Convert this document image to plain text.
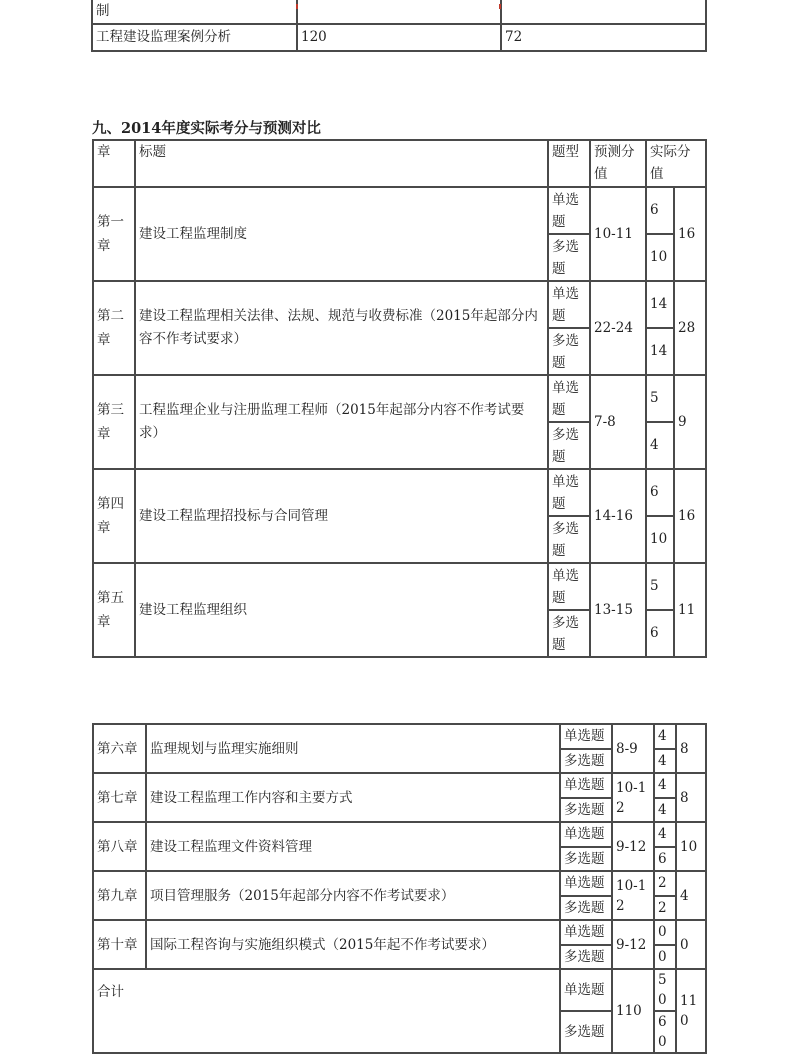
制		
工程建设监理案例分析	120	72
九、2014年度实际考分与预测对比
章	标题	题型	预测分值	实际分值	
第一章	建设工程监理制度	单选题	10-11	6	16
		多选题		10	
第二章	建设工程监理相关法律、法规、规范与收费标准（2015年起部分内容不作考试要求）	单选题	22-24	14	28
		多选题		14	
第三章	工程监理企业与注册监理工程师（2015年起部分内容不作考试要求）	单选题	7-8	5	9
		多选题		4	
第四章	建设工程监理招投标与合同管理	单选题	14-16	6	16
		多选题		10	
第五章	建设工程监理组织	单选题	13-15	5	11
		多选题		6	
第六章	监理规划与监理实施细则	单选题	8-9	4	8
		多选题		4	
第七章	建设工程监理工作内容和主要方式	单选题	10-12	4	8
		多选题		4	
第八章	建设工程监理文件资料管理	单选题	9-12	4	10
		多选题		6	
第九章	项目管理服务（2015年起部分内容不作考试要求）	单选题	10-12	2	4
		多选题		2	
第十章	国际工程咨询与实施组织模式（2015年起不作考试要求）	单选题	9-12	0	0
		多选题		0	
合计		单选题	110	50	110
		多选题		60	
